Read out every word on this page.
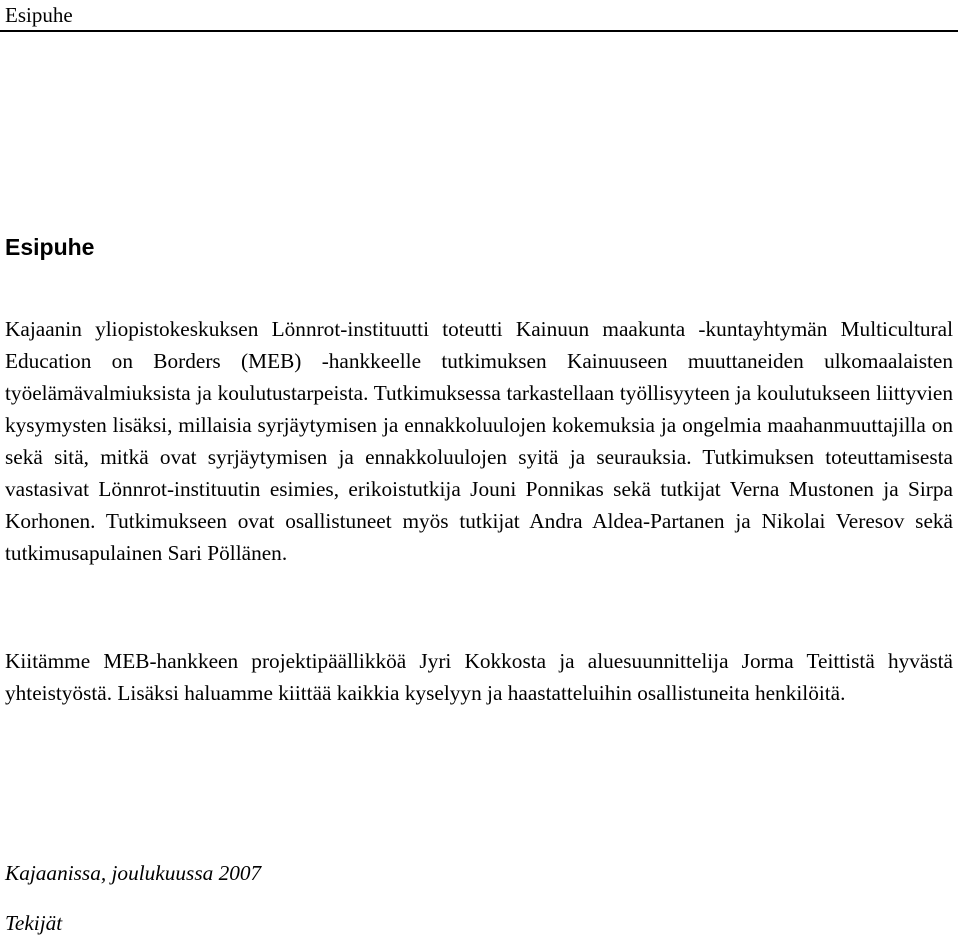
Esipuhe
Esipuhe

Kajaanin yliopistokeskuksen Lönnrot-instituutti toteutti Kainuun maakunta -kuntayhtymän Multicultural Education on Borders (MEB) -hankkeelle tutkimuksen Kainuuseen muuttaneiden ulkomaalaisten työelämävalmiuksista ja koulutustarpeista. Tutkimuksessa tarkastellaan työllisyyteen ja koulutukseen liittyvien kysymysten lisäksi, millaisia syrjäytymisen ja ennakkoluulojen kokemuksia ja ongelmia maahanmuuttajilla on sekä sitä, mitkä ovat syrjäytymisen ja ennakkoluulojen syitä ja seurauksia. Tutkimuksen toteuttamisesta vastasivat Lönnrot-instituutin esimies, erikoistutkija Jouni Ponnikas sekä tutkijat Verna Mustonen ja Sirpa Korhonen. Tutkimukseen ovat osallistuneet myös tutkijat Andra Aldea-Partanen ja Nikolai Veresov sekä tutkimusapulainen Sari Pöllänen.

Kiitämme MEB-hankkeen projektipäällikköä Jyri Kokkosta ja aluesuunnittelija Jorma Teittistä hyvästä yhteistyöstä. Lisäksi haluamme kiittää kaikkia kyselyyn ja haastatteluihin osallistuneita henkilöitä.

Kajaanissa, joulukuussa 2007

Tekijät
